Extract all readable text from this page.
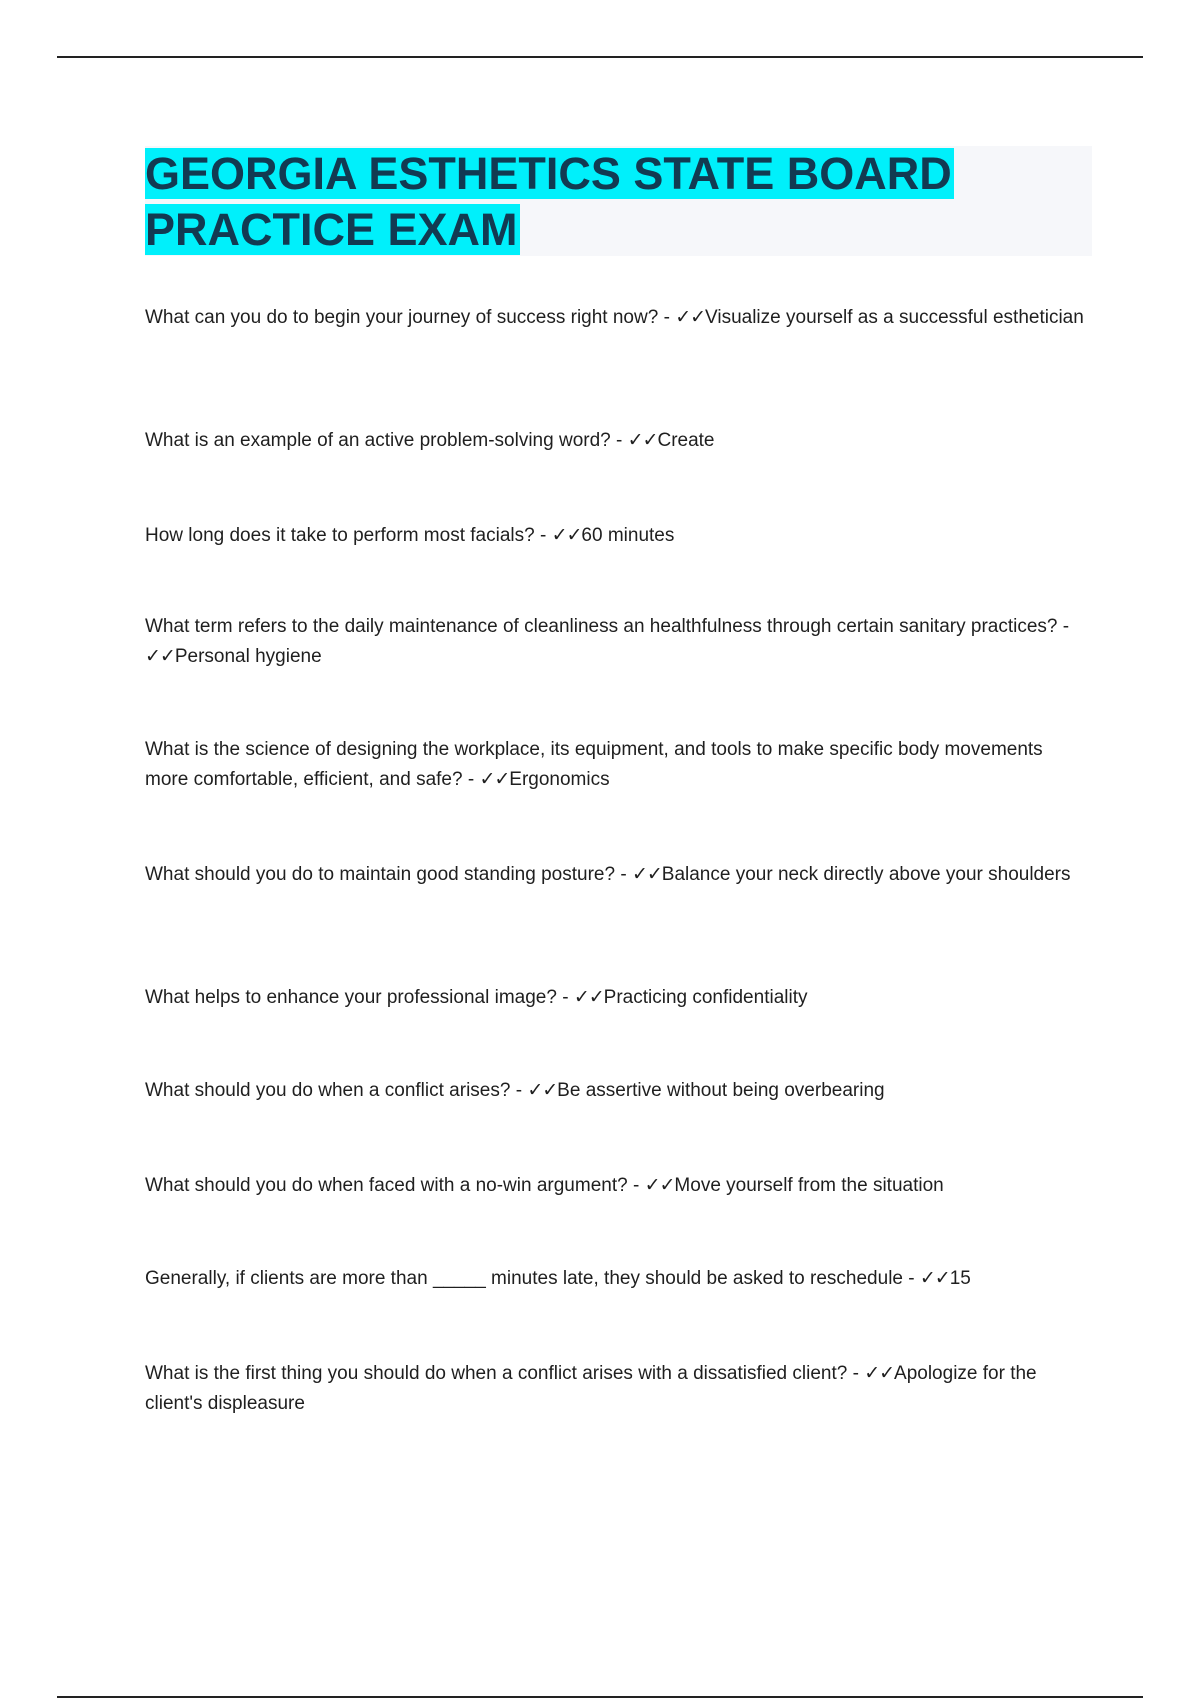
GEORGIA ESTHETICS STATE BOARD
PRACTICE EXAM

What can you do to begin your journey of success right now? - ✓✓Visualize yourself as a successful esthetician

What is an example of an active problem-solving word? - ✓✓Create

How long does it take to perform most facials? - ✓✓60 minutes

What term refers to the daily maintenance of cleanliness an healthfulness through certain sanitary practices? - ✓✓Personal hygiene

What is the science of designing the workplace, its equipment, and tools to make specific body movements more comfortable, efficient, and safe? - ✓✓Ergonomics

What should you do to maintain good standing posture? - ✓✓Balance your neck directly above your shoulders

What helps to enhance your professional image? - ✓✓Practicing confidentiality

What should you do when a conflict arises? - ✓✓Be assertive without being overbearing

What should you do when faced with a no-win argument? - ✓✓Move yourself from the situation

Generally, if clients are more than _____ minutes late, they should be asked to reschedule - ✓✓15

What is the first thing you should do when a conflict arises with a dissatisfied client? - ✓✓Apologize for the client's displeasure
